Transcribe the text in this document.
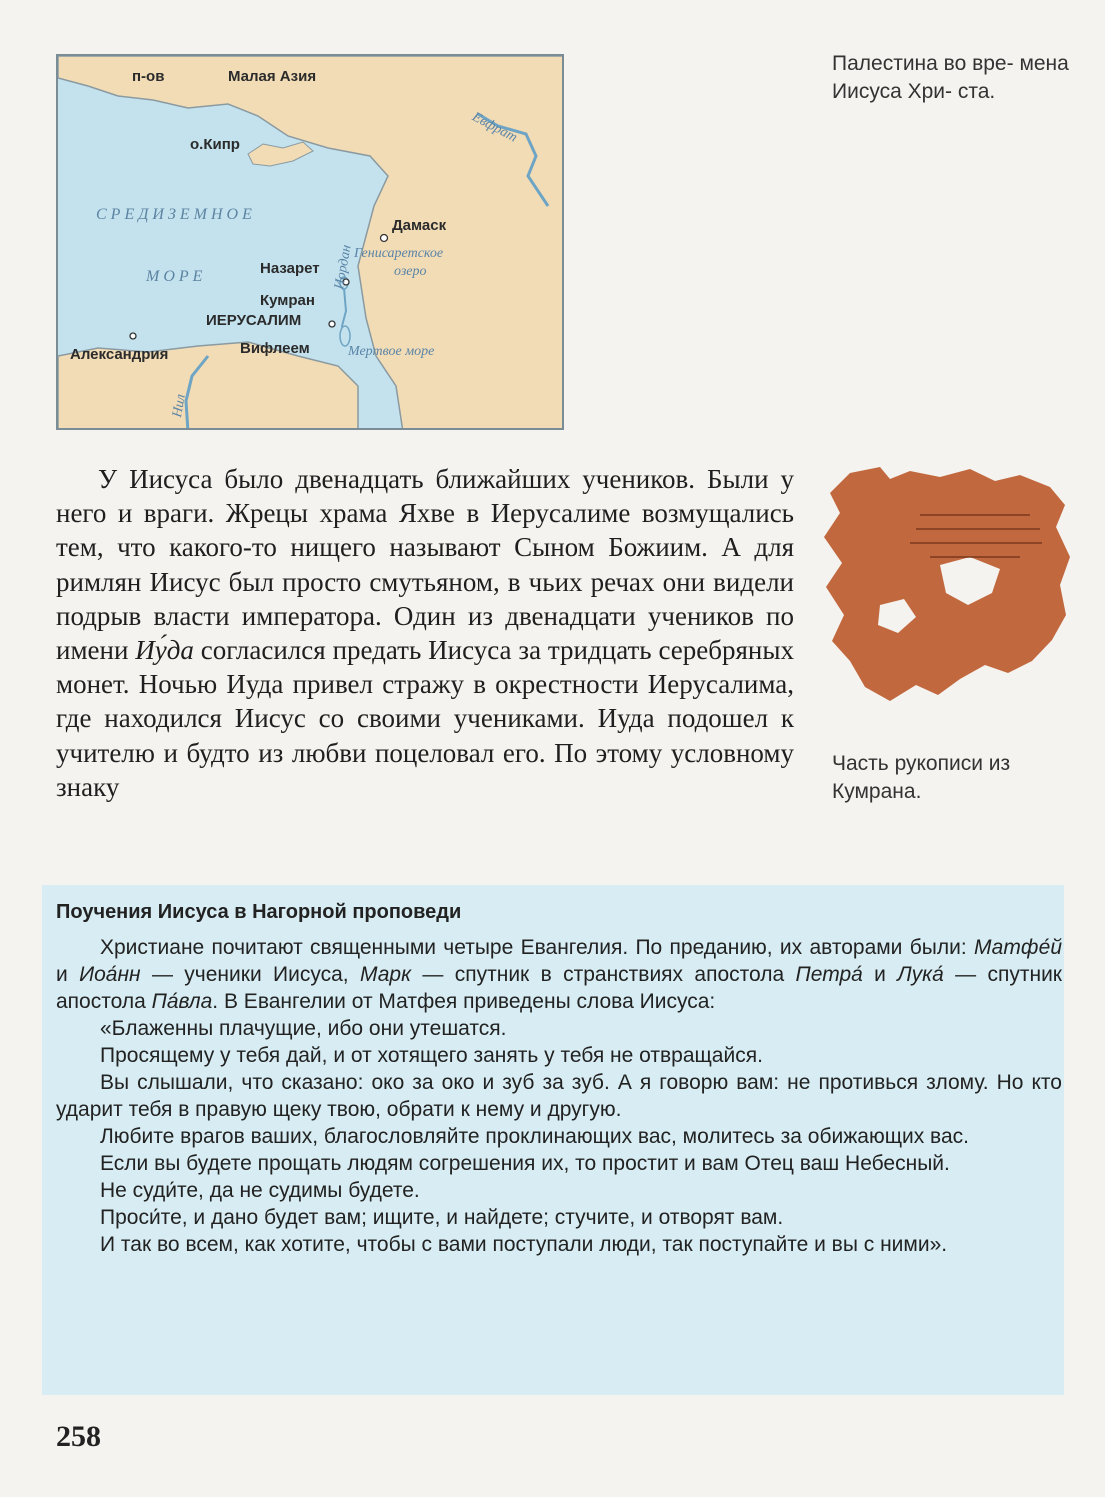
п-ов	Малая Азия
о.Кипр	Евфрат
СРЕДИЗЕМНОЕ
МОРЕ
Дамаск
Генисаретское
озеро
Назарет
Кумран
ИЕРУСАЛИМ
Иордан
Вифлеем	Мертвое море
Александрия
Нил
Палестина во вре- мена Иисуса Хри- ста.
Часть рукописи из Кумрана.

У Иисуса было двенадцать ближайших учеников. Были у него и враги. Жрецы храма Яхве в Иерусалиме возмущались тем, что какого-то нищего называют Сыном Божиим. А для римлян Иисус был просто смутьяном, в чьих речах они видели подрыв власти императора. Один из двенадцати учеников по имени Иу́да согласился предать Иисуса за тридцать серебряных монет. Ночью Иуда привел стражу в окрестности Иерусалима, где находился Иисус со своими учениками. Иуда подошел к учителю и будто из любви поцеловал его. По этому условному знаку

Поучения Иисуса в Нагорной проповеди

Христиане почитают священными четыре Евангелия. По преданию, их авторами были: Матфе́й и Иоа́нн — ученики Иисуса, Марк — спутник в странствиях апостола Петра́ и Лука́ — спутник апостола Па́вла. В Евангелии от Матфея приведены слова Иисуса:

«Блаженны плачущие, ибо они утешатся.

Просящему у тебя дай, и от хотящего занять у тебя не отвращайся.

Вы слышали, что сказано: око за око и зуб за зуб. А я говорю вам: не противься злому. Но кто ударит тебя в правую щеку твою, обрати к нему и другую.

Любите врагов ваших, благословляйте проклинающих вас, молитесь за обижающих вас.

Если вы будете прощать людям согрешения их, то простит и вам Отец ваш Небесный.

Не суди́те, да не судимы будете.

Проси́те, и дано будет вам; ищите, и найдете; стучите, и отворят вам.

И так во всем, как хотите, чтобы с вами поступали люди, так поступайте и вы с ними».

258
